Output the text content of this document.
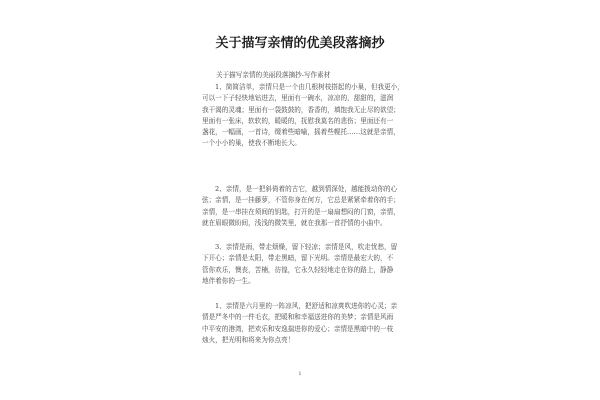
关于描写亲情的优美段落摘抄
关于描写亲情的美丽段落摘抄-写作素材
1、简简洁单，亲情只是一个由几根树枝搭起的小巢，但我更小，
可以一下子轻快地钻进去，里面有一碗水，凉凉的，甜甜的，滋润
我干渴的灵魂；里面有一袋鼓鼓的，香香的，填饱我无止尽的欲望；
里面有一张床，软软的，暖暖的，抚慰我莫名的悲伤；里面还有一
盏花，一幅画，一首诗，缀着些暗喻，摇着些幌托……这就是亲情，
一个小小的巢，使我不断地长大。
2、亲情，是一把斜倚着的古它，越到情深处，越能拨动你的心
弦；亲情，是一挂藤萝，不管你身在何方，它总是紧紧牵着你的手；
亲情，是一串挂在须间的钥匙，打开的是一扇扇想闷的门窗，亲情，
就在眉眼微盼间，浅浅的微笑里，就在我那一首抒情的小曲中。
3、亲情是雨，带走烦燥，留下轻凉；亲情是风，吹走忧愁，留
下开心；亲情是太阳，带走黑暗，留下光明。亲情是最宏大的，不
管你欢乐，懊丧，苦楠，彷徨，它永久轻轻地走在你的路上，静静
地伴着你的一生。
1、亲情是六月里的一阵凉风，把舒适和凉爽吹进你的心灵；亲
情是严冬中的一件毛衣，把暖和和幸福送进你的美梦；亲情是风雨
中平安的港湾，把欢乐和安逸揣进你的爱心；亲情是黑暗中的一枝
烛火，把光明和将来为你点亮！
1
